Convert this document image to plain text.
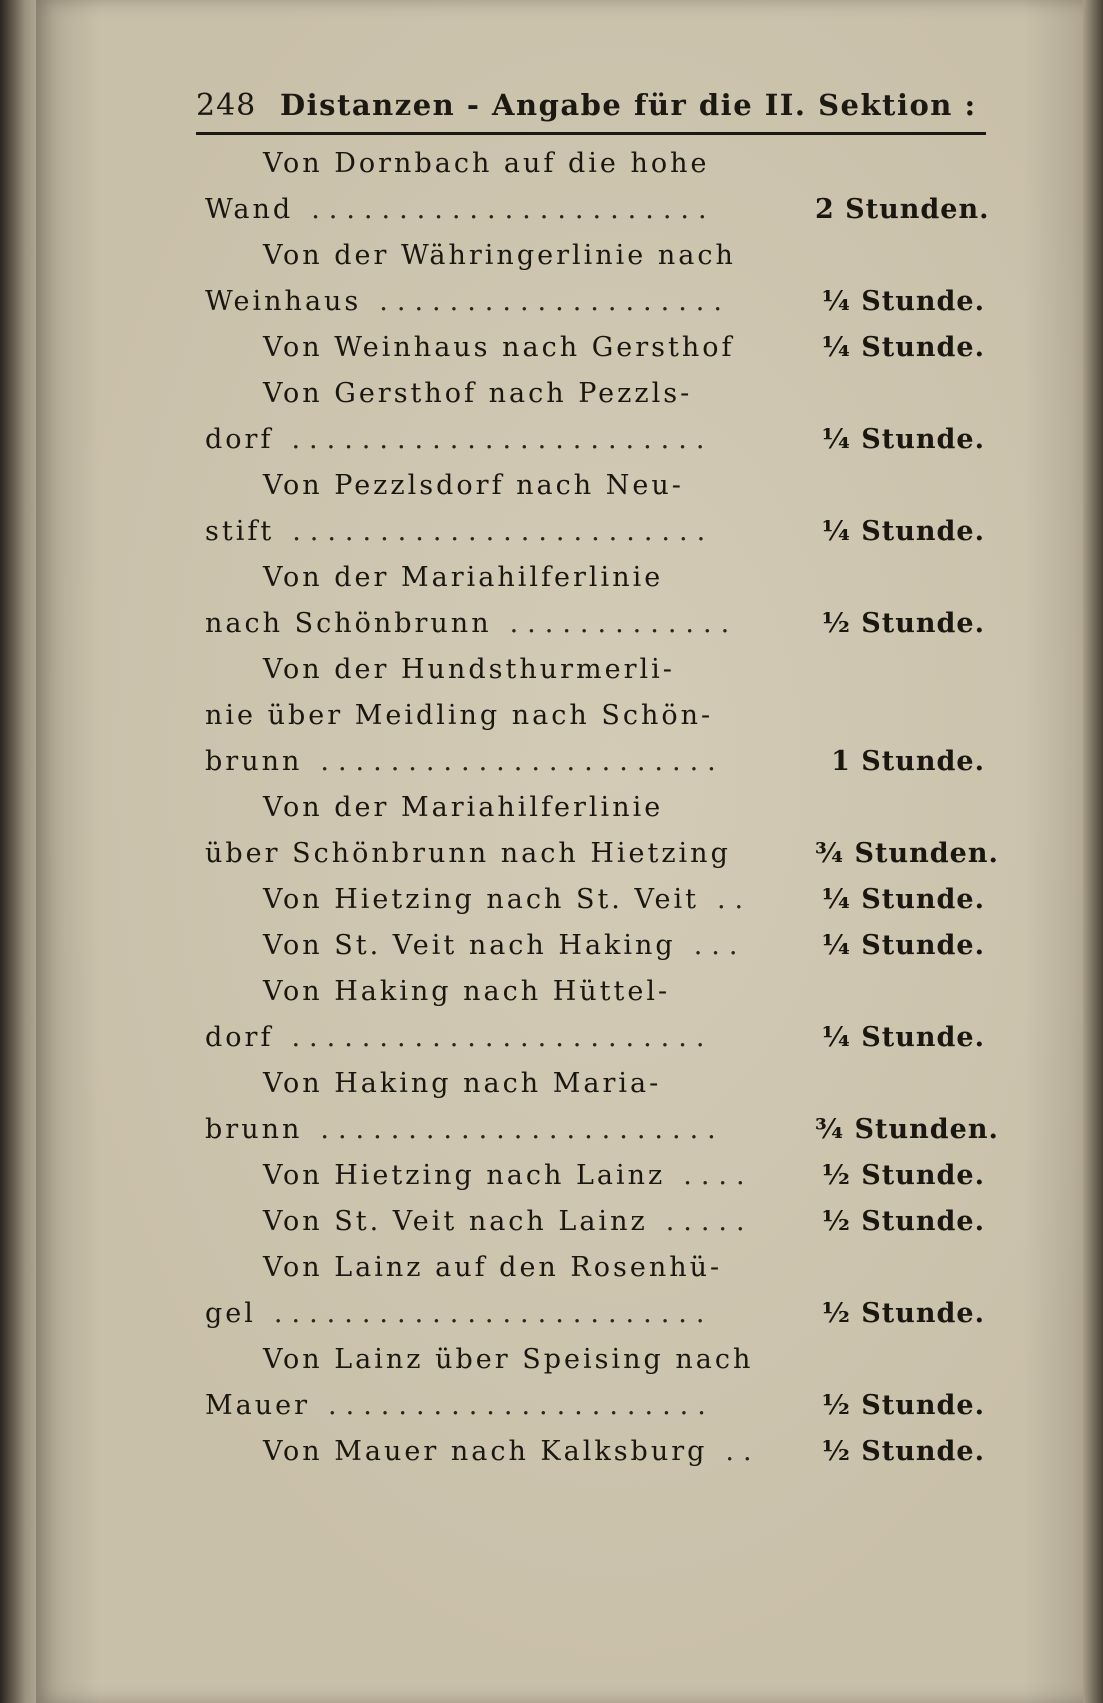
248 Distanzen - Angabe für die II. Sektion :
Von Dornbach auf die hohe
Wand	2 Stunden.
.......................
Von der Währingerlinie nach
Weinhaus	¼ Stunde.
....................
Von Weinhaus nach Gersthof	¼ Stunde.
Von Gersthof nach Pezzls-
dorf	¼ Stunde.
........................
Von Pezzlsdorf nach Neu-
stift	¼ Stunde.
........................
Von der Mariahilferlinie
nach Schönbrunn	½ Stunde.
.............
Von der Hundsthurmerli-
nie über Meidling nach Schön-
brunn	1 Stunde.
.......................
Von der Mariahilferlinie
über Schönbrunn nach Hietzing	¾ Stunden.
Von Hietzing nach St. Veit	¼ Stunde.
..
Von St. Veit nach Haking	¼ Stunde.
...
Von Haking nach Hüttel-
dorf	¼ Stunde.
........................
Von Haking nach Maria-
brunn	¾ Stunden.
.......................
Von Hietzing nach Lainz	½ Stunde.
....
Von St. Veit nach Lainz	½ Stunde.
.....
Von Lainz auf den Rosenhü-
gel	½ Stunde.
.........................
Von Lainz über Speising nach
Mauer	½ Stunde.
......................
Von Mauer nach Kalksburg	½ Stunde.
..
